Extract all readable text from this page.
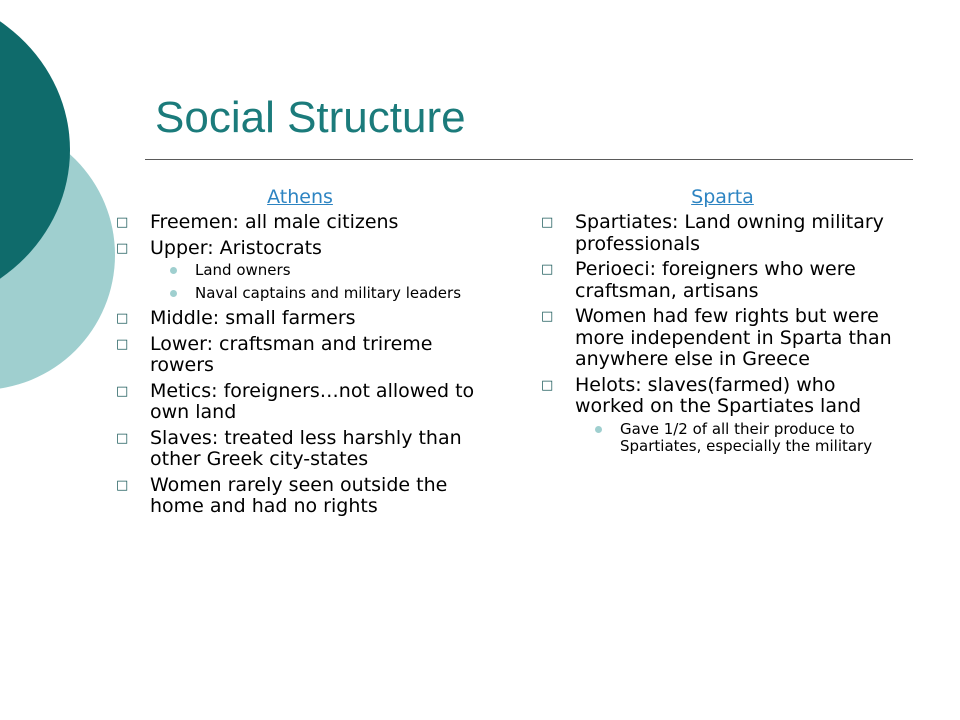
Social Structure
Athens
□ Freemen: all male citizens
□ Upper: Aristocrats
Land owners
Naval captains and military leaders
□ Middle: small farmers
□ Lower: craftsman and trireme rowers
□ Metics: foreigners…not allowed to own land
□ Slaves: treated less harshly than other Greek city-states
□ Women rarely seen outside the home and had no rights
Sparta
□ Spartiates: Land owning military professionals
□ Perioeci: foreigners who were craftsman, artisans
□ Women had few rights but were more independent in Sparta than anywhere else in Greece
□ Helots: slaves(farmed) who worked on the Spartiates land
Gave 1/2 of all their produce to Spartiates, especially the military
